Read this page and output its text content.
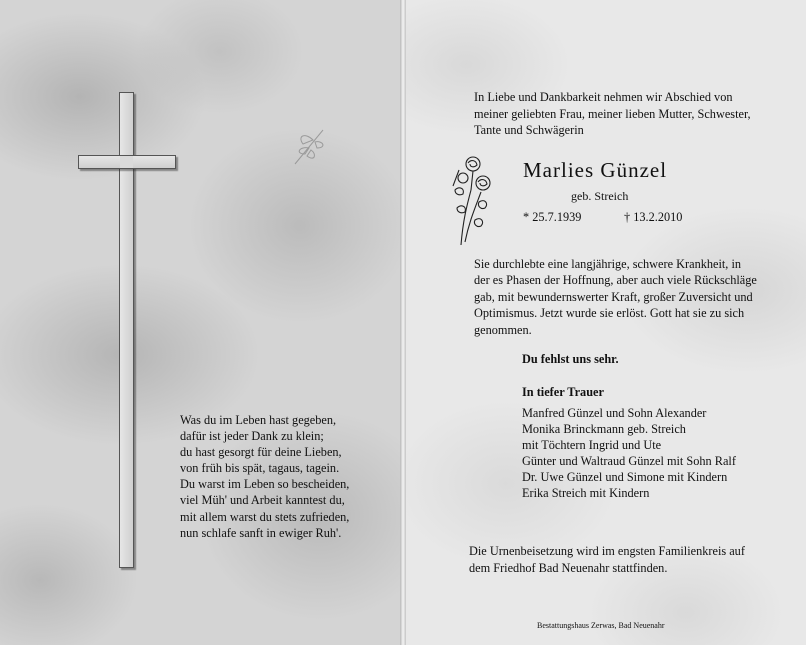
Was du im Leben hast gegeben,
dafür ist jeder Dank zu klein;
du hast gesorgt für deine Lieben,
von früh bis spät, tagaus, tagein.
Du warst im Leben so bescheiden,
viel Müh' und Arbeit kanntest du,
mit allem warst du stets zufrieden,
nun schlafe sanft in ewiger Ruh'.
In Liebe und Dankbarkeit nehmen wir Abschied von
meiner geliebten Frau, meiner lieben Mutter, Schwester,
Tante und Schwägerin
Marlies Günzel
geb. Streich
* 25.7.1939	† 13.2.2010
Sie durchlebte eine langjährige, schwere Krankheit, in
der es Phasen der Hoffnung, aber auch viele Rückschläge
gab, mit bewundernswerter Kraft, großer Zuversicht und
Optimismus. Jetzt wurde sie erlöst. Gott hat sie zu sich
genommen.
Du fehlst uns sehr.
In tiefer Trauer
Manfred Günzel und Sohn Alexander
Monika Brinckmann geb. Streich
mit Töchtern Ingrid und Ute
Günter und Waltraud Günzel mit Sohn Ralf
Dr. Uwe Günzel und Simone mit Kindern
Erika Streich mit Kindern
Die Urnenbeisetzung wird im engsten Familienkreis auf
dem Friedhof Bad Neuenahr stattfinden.
Bestattungshaus Zerwas, Bad Neuenahr
